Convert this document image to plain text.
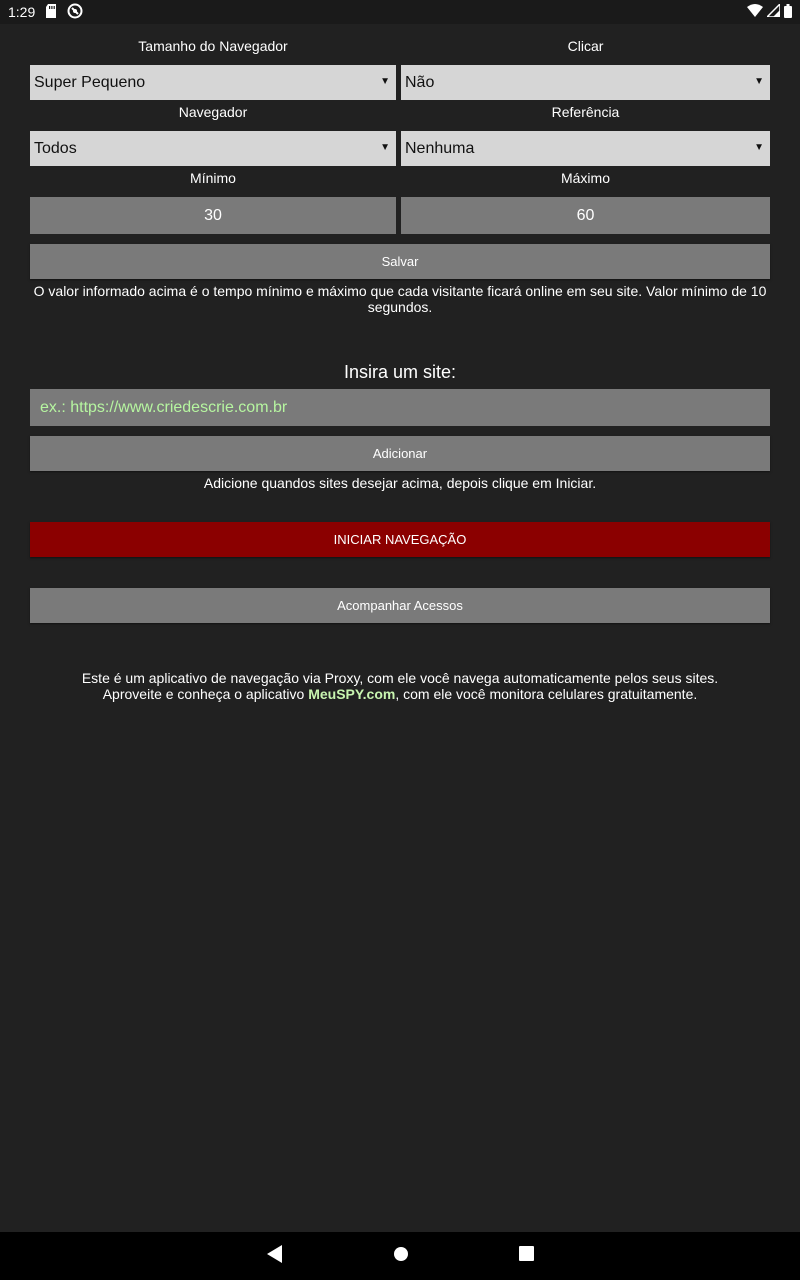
1:29
Tamanho do Navegador	Clicar
Super Pequeno	▼ Não	▼
Navegador	Referência
Todos	▼ Nenhuma	▼
Mínimo	Máximo
30	60
Salvar
O valor informado acima é o tempo mínimo e máximo que cada visitante ficará online em seu site. Valor mínimo de 10 segundos.
Insira um site:
ex.: https://www.criedescrie.com.br
Adicionar
Adicione quandos sites desejar acima, depois clique em Iniciar.
INICIAR NAVEGAÇÃO
Acompanhar Acessos
Este é um aplicativo de navegação via Proxy, com ele você navega automaticamente pelos seus sites.
Aproveite e conheça o aplicativo MeuSPY.com, com ele você monitora celulares gratuitamente.
